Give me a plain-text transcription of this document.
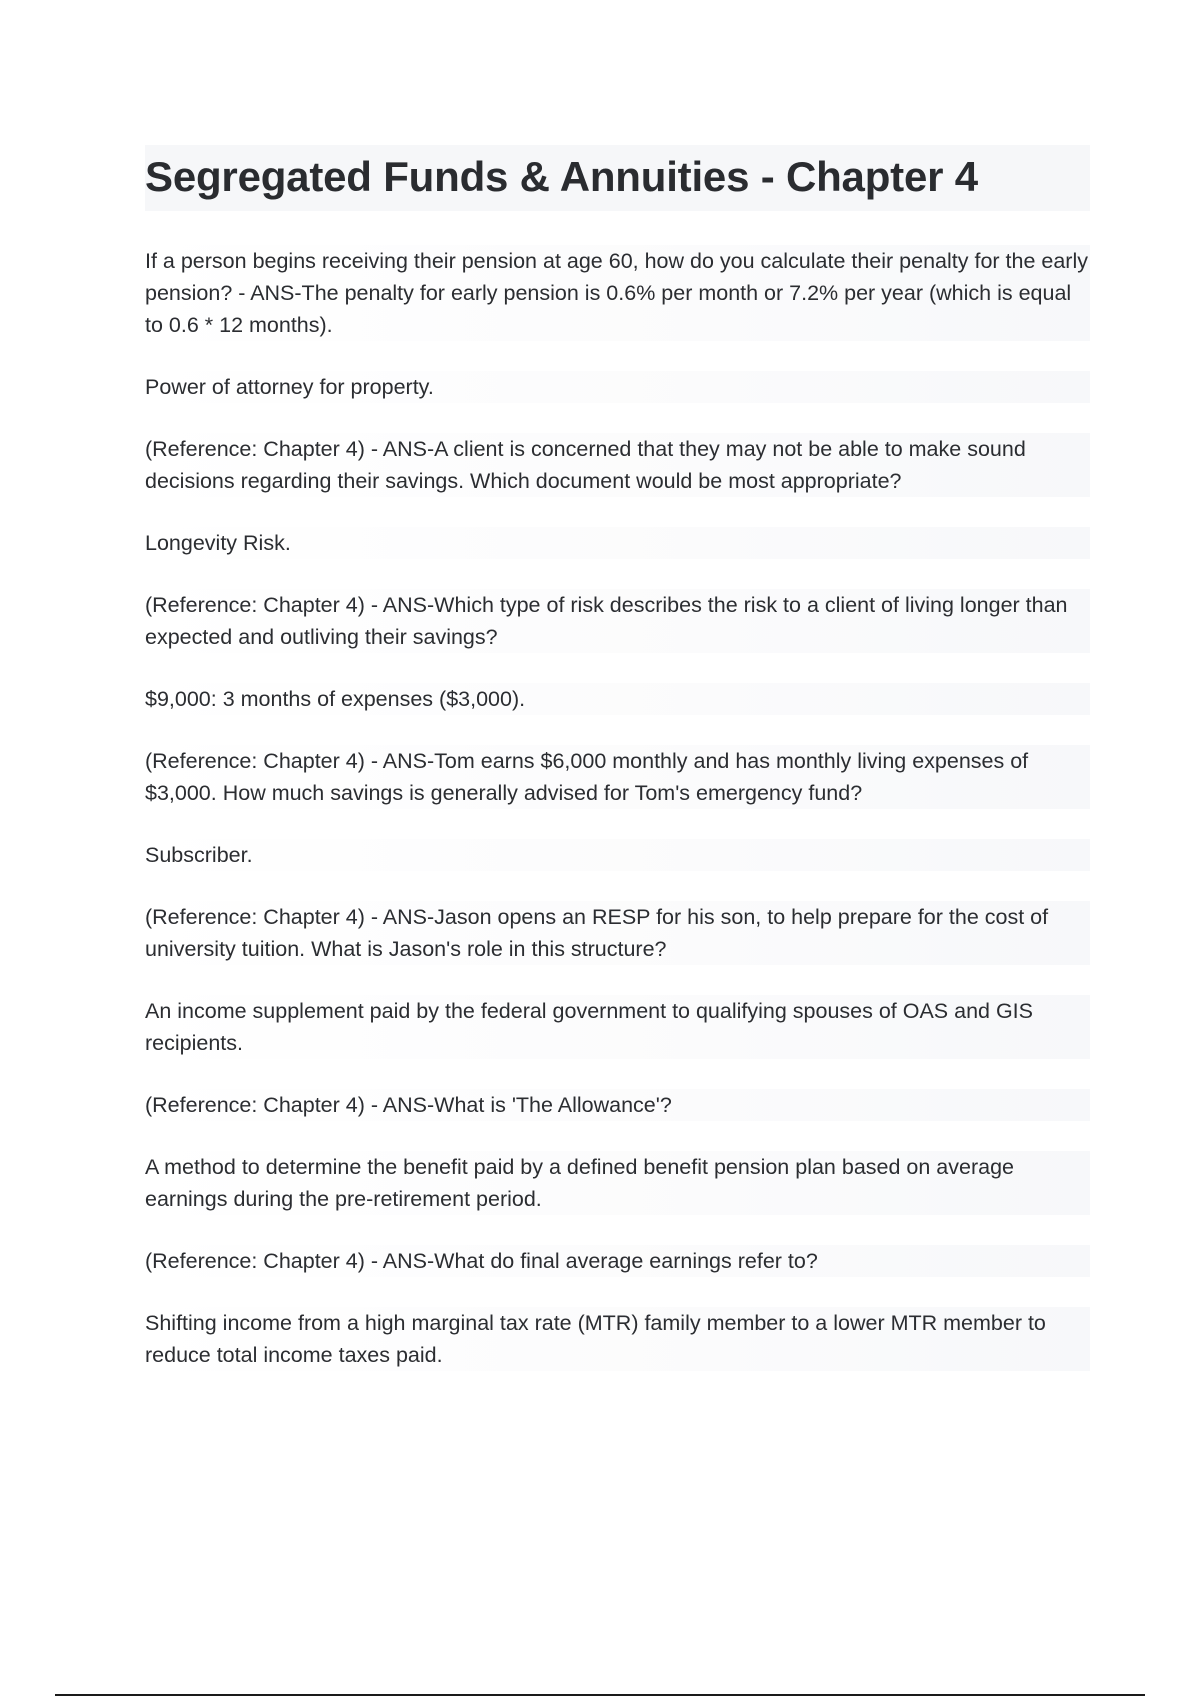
Segregated Funds & Annuities - Chapter 4

If a person begins receiving their pension at age 60, how do you calculate their penalty for the early pension? - ANS-The penalty for early pension is 0.6% per month or 7.2% per year (which is equal to 0.6 * 12 months).

Power of attorney for property.

(Reference: Chapter 4) - ANS-A client is concerned that they may not be able to make sound decisions regarding their savings. Which document would be most appropriate?

Longevity Risk.

(Reference: Chapter 4) - ANS-Which type of risk describes the risk to a client of living longer than expected and outliving their savings?

$9,000: 3 months of expenses ($3,000).

(Reference: Chapter 4) - ANS-Tom earns $6,000 monthly and has monthly living expenses of $3,000. How much savings is generally advised for Tom's emergency fund?

Subscriber.

(Reference: Chapter 4) - ANS-Jason opens an RESP for his son, to help prepare for the cost of university tuition. What is Jason's role in this structure?

An income supplement paid by the federal government to qualifying spouses of OAS and GIS recipients.

(Reference: Chapter 4) - ANS-What is 'The Allowance'?

A method to determine the benefit paid by a defined benefit pension plan based on average earnings during the pre-retirement period.

(Reference: Chapter 4) - ANS-What do final average earnings refer to?

Shifting income from a high marginal tax rate (MTR) family member to a lower MTR member to reduce total income taxes paid.
